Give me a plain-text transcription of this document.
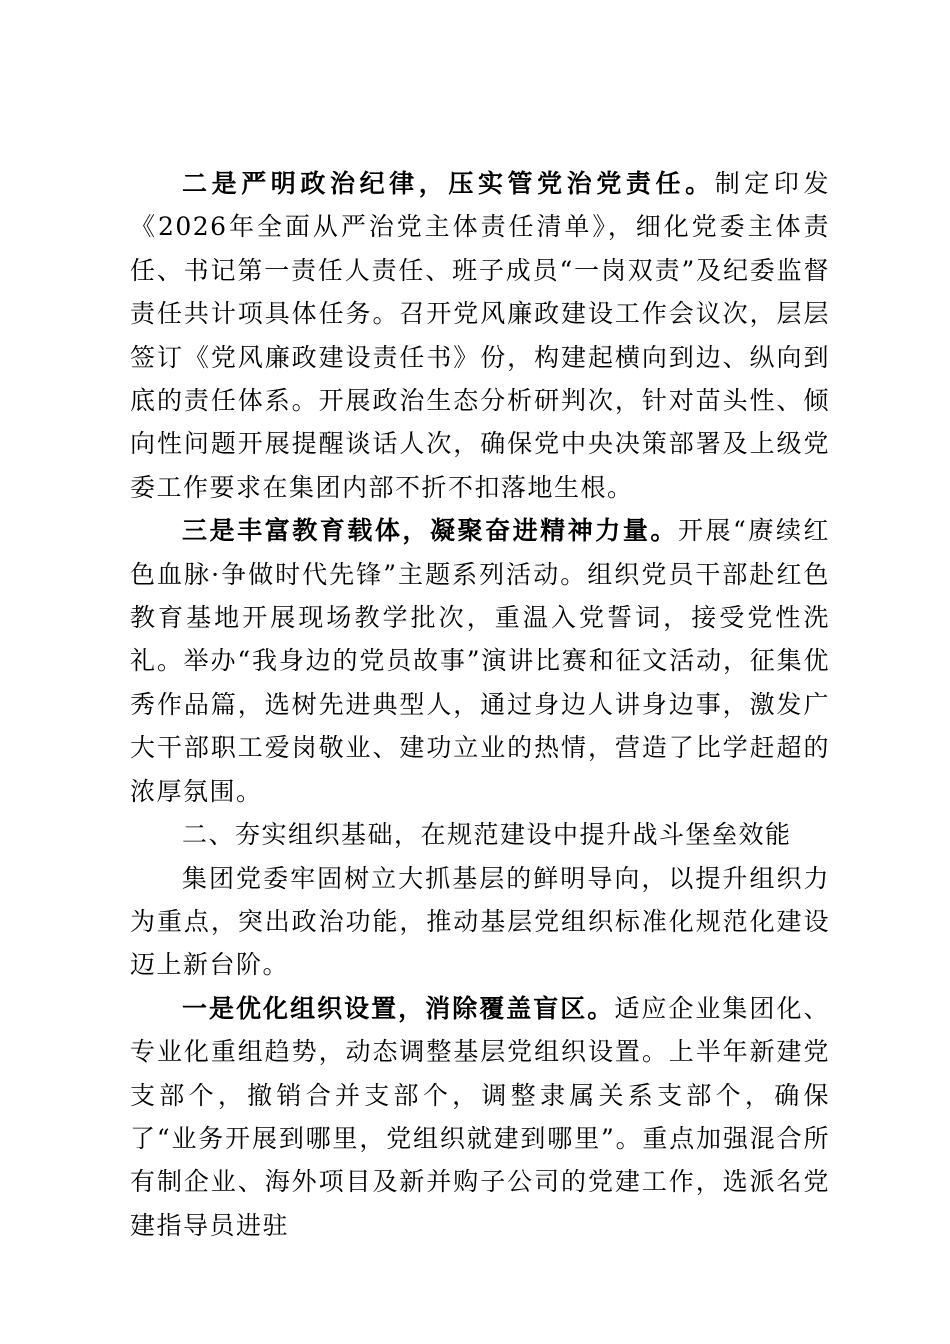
二是严明政治纪律，压实管党治党责任。制定印发《2026年全面从严治党主体责任清单》，细化党委主体责任、书记第一责任人责任、班子成员“一岗双责”及纪委监督责任共计项具体任务。召开党风廉政建设工作会议次，层层签订《党风廉政建设责任书》份，构建起横向到边、纵向到底的责任体系。开展政治生态分析研判次，针对苗头性、倾向性问题开展提醒谈话人次，确保党中央决策部署及上级党委工作要求在集团内部不折不扣落地生根。

三是丰富教育载体，凝聚奋进精神力量。开展“赓续红色血脉·争做时代先锋”主题系列活动。组织党员干部赴红色教育基地开展现场教学批次，重温入党誓词，接受党性洗礼。举办“我身边的党员故事”演讲比赛和征文活动，征集优秀作品篇，选树先进典型人，通过身边人讲身边事，激发广大干部职工爱岗敬业、建功立业的热情，营造了比学赶超的浓厚氛围。

二、夯实组织基础，在规范建设中提升战斗堡垒效能

集团党委牢固树立大抓基层的鲜明导向，以提升组织力为重点，突出政治功能，推动基层党组织标准化规范化建设迈上新台阶。

一是优化组织设置，消除覆盖盲区。适应企业集团化、专业化重组趋势，动态调整基层党组织设置。上半年新建党支部个，撤销合并支部个，调整隶属关系支部个，确保了“业务开展到哪里，党组织就建到哪里”。重点加强混合所有制企业、海外项目及新并购子公司的党建工作，选派名党建指导员进驻
